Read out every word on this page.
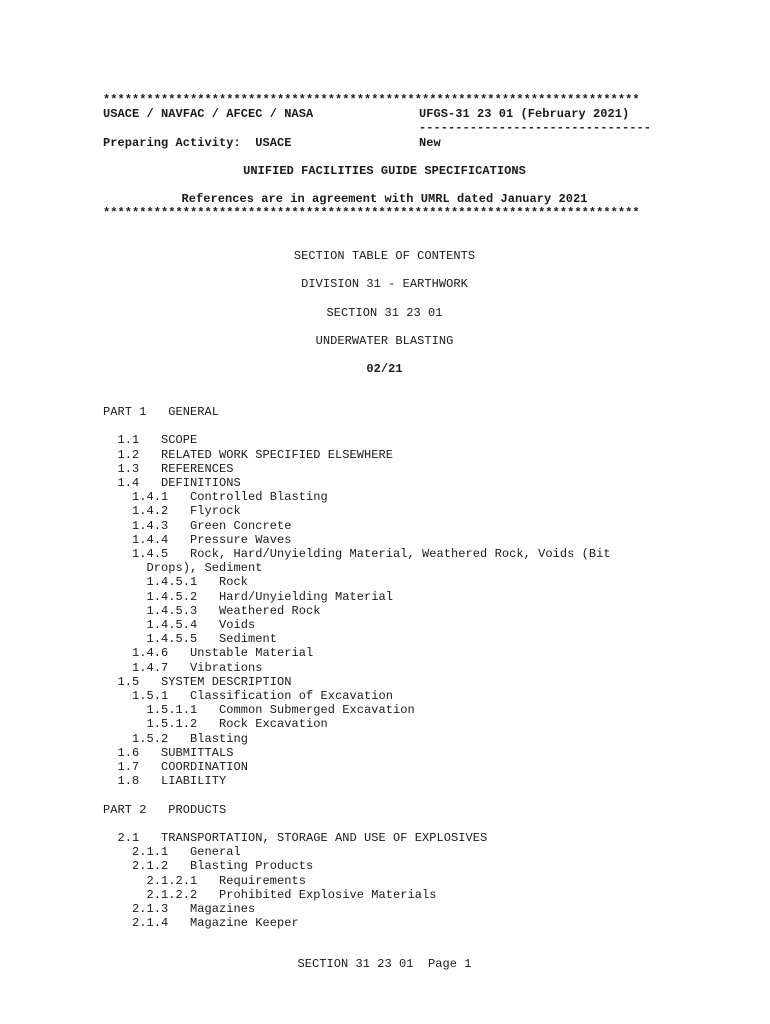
**************************************************************************
USACE / NAVFAC / AFCEC / NASA	UFGS-31 23 01 (February 2021)
--------------------------------
Preparing Activity:  USACE	New
UNIFIED FACILITIES GUIDE SPECIFICATIONS
References are in agreement with UMRL dated January 2021
**************************************************************************
SECTION TABLE OF CONTENTS
DIVISION 31 - EARTHWORK
SECTION 31 23 01
UNDERWATER BLASTING
02/21
PART 1   GENERAL
1.1   SCOPE
1.2   RELATED WORK SPECIFIED ELSEWHERE
1.3   REFERENCES
1.4   DEFINITIONS
1.4.1   Controlled Blasting
1.4.2   Flyrock
1.4.3   Green Concrete
1.4.4   Pressure Waves
1.4.5   Rock, Hard/Unyielding Material, Weathered Rock, Voids (Bit
Drops), Sediment
1.4.5.1   Rock
1.4.5.2   Hard/Unyielding Material
1.4.5.3   Weathered Rock
1.4.5.4   Voids
1.4.5.5   Sediment
1.4.6   Unstable Material
1.4.7   Vibrations
1.5   SYSTEM DESCRIPTION
1.5.1   Classification of Excavation
1.5.1.1   Common Submerged Excavation
1.5.1.2   Rock Excavation
1.5.2   Blasting
1.6   SUBMITTALS
1.7   COORDINATION
1.8   LIABILITY
PART 2   PRODUCTS
2.1   TRANSPORTATION, STORAGE AND USE OF EXPLOSIVES
2.1.1   General
2.1.2   Blasting Products
2.1.2.1   Requirements
2.1.2.2   Prohibited Explosive Materials
2.1.3   Magazines
2.1.4   Magazine Keeper
SECTION 31 23 01  Page 1
